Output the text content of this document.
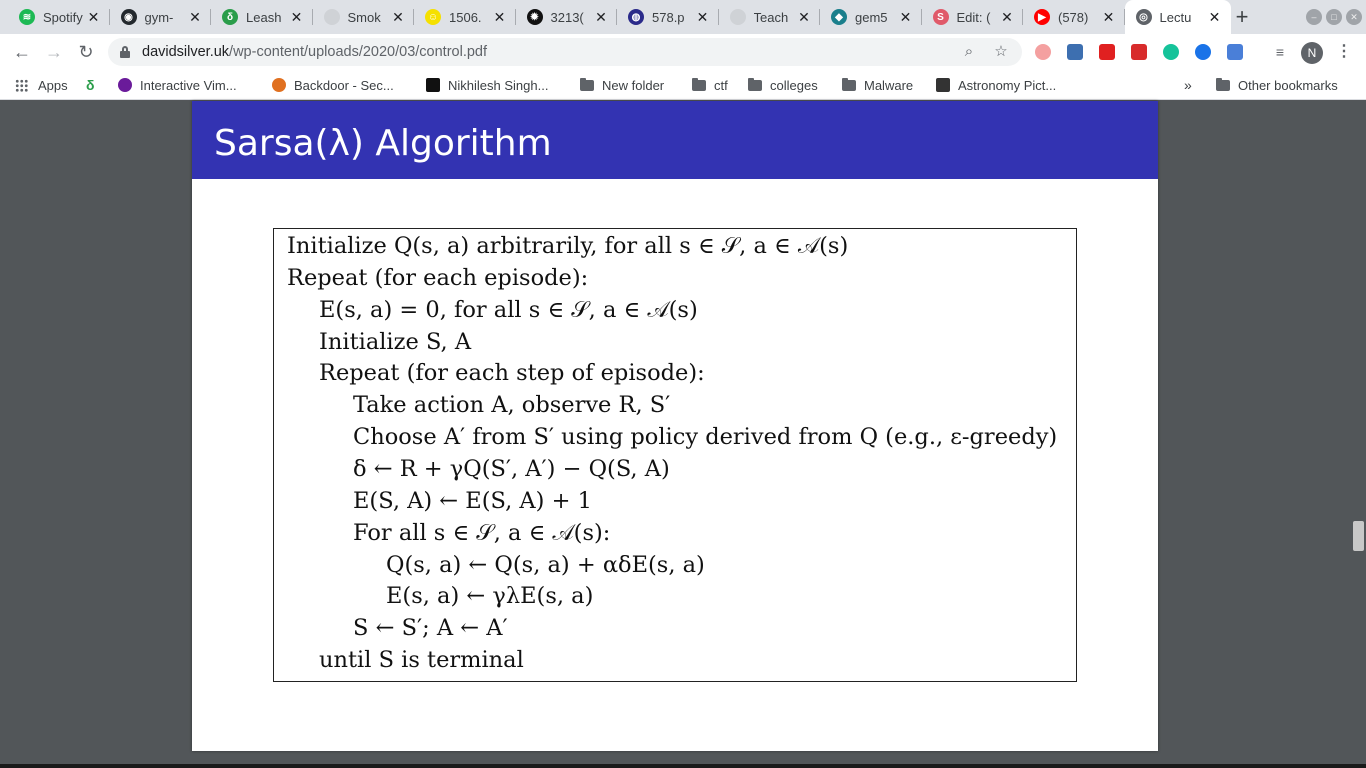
≋ Spotify ✕	◉ gym-	✕	δ Leash ✕	Smok ✕ ☺ 1506. ✕	✹ 3213( ✕	◍ 578.p ✕	Teach ✕	◆ gem5 ✕	S Edit: ( ✕	▶ (578)	✕	◎ Lectu	✕ +	–	□	✕
← → ↻	davidsilver.uk/wp-content/uploads/2020/03/control.pdf	⌕	☆	≡	N	⋮
Apps δ	Interactive Vim...	Backdoor - Sec...	Nikhilesh Singh...	New folder	ctf	colleges	Malware	Astronomy Pict...	»	Other bookmarks
Sarsa(λ) Algorithm
Initialize Q(s, a) arbitrarily, for all s ∈ 𝒮, a ∈ 𝒜(s)
Repeat (for each episode):
E(s, a) = 0, for all s ∈ 𝒮, a ∈ 𝒜(s)
Initialize S, A
Repeat (for each step of episode):
Take action A, observe R, S′
Choose A′ from S′ using policy derived from Q (e.g., ε-greedy)
δ ← R + γQ(S′, A′) − Q(S, A)
E(S, A) ← E(S, A) + 1
For all s ∈ 𝒮, a ∈ 𝒜(s):
Q(s, a) ← Q(s, a) + αδE(s, a)
E(s, a) ← γλE(s, a)
S ← S′; A ← A′
until S is terminal
